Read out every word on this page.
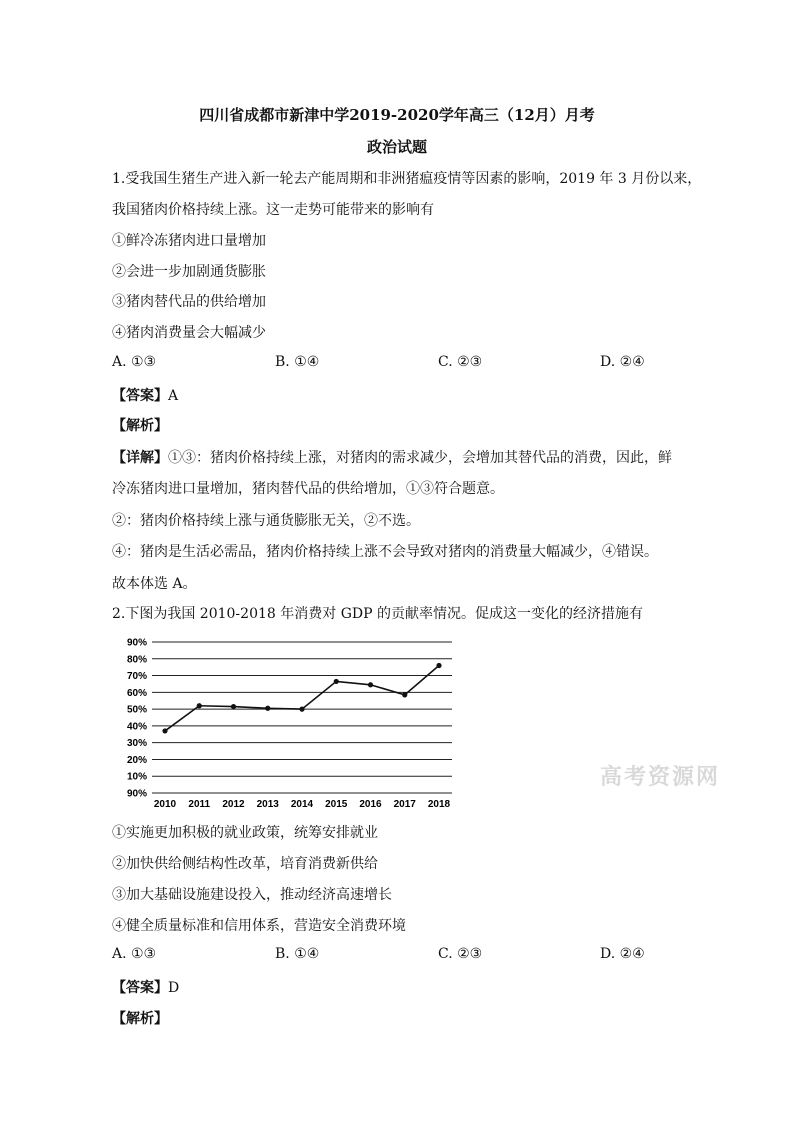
四川省成都市新津中学2019-2020学年高三（12月）月考
政治试题
1.受我国生猪生产进入新一轮去产能周期和非洲猪瘟疫情等因素的影响，2019 年 3 月份以来，
我国猪肉价格持续上涨。这一走势可能带来的影响有
①鲜冷冻猪肉进口量增加
②会进一步加剧通货膨胀
③猪肉替代品的供给增加
④猪肉消费量会大幅减少
A. ①③	B. ①④	C. ②③	D. ②④
【答案】A
【解析】
【详解】①③：猪肉价格持续上涨，对猪肉的需求减少，会增加其替代品的消费，因此，鲜
冷冻猪肉进口量增加，猪肉替代品的供给增加，①③符合题意。
②：猪肉价格持续上涨与通货膨胀无关，②不选。
④：猪肉是生活必需品，猪肉价格持续上涨不会导致对猪肉的消费量大幅减少，④错误。
故本体选 A。
2.下图为我国 2010-2018 年消费对 GDP 的贡献率情况。促成这一变化的经济措施有
90%
10%
20%
30%
40%
50%
60%
70%
80%
90%
2010 2011 2012 2013 2014 2015 2016 2017 2018
高考资源网
①实施更加积极的就业政策，统筹安排就业
②加快供给侧结构性改革，培育消费新供给
③加大基础设施建设投入，推动经济高速增长
④健全质量标准和信用体系，营造安全消费环境
A. ①③	B. ①④	C. ②③	D. ②④
【答案】D
【解析】
